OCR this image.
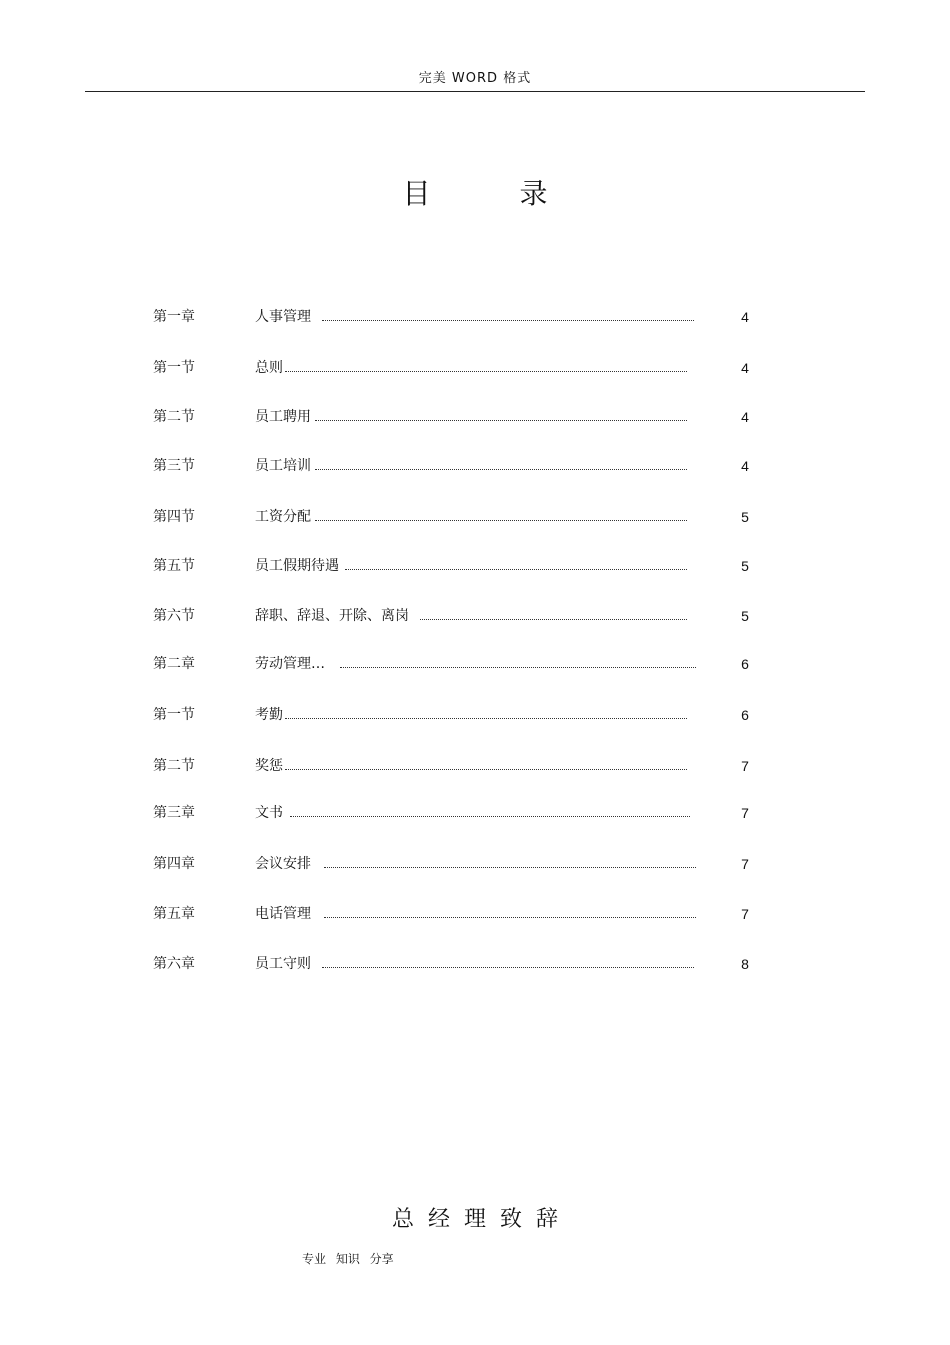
完美 WORD 格式
目 录
第一章	人事管理	4
第一节	总则	4
第二节	员工聘用	4
第三节	员工培训	4
第四节	工资分配	5
第五节	员工假期待遇	5
第六节	辞职、辞退、开除、离岗	5
第二章	劳动管理…	6
第一节	考勤	6
第二节	奖惩	7
第三章	文书	7
第四章	会议安排	7
第五章	电话管理	7
第六章	员工守则	8
总经理致辞
专业 知识 分享
